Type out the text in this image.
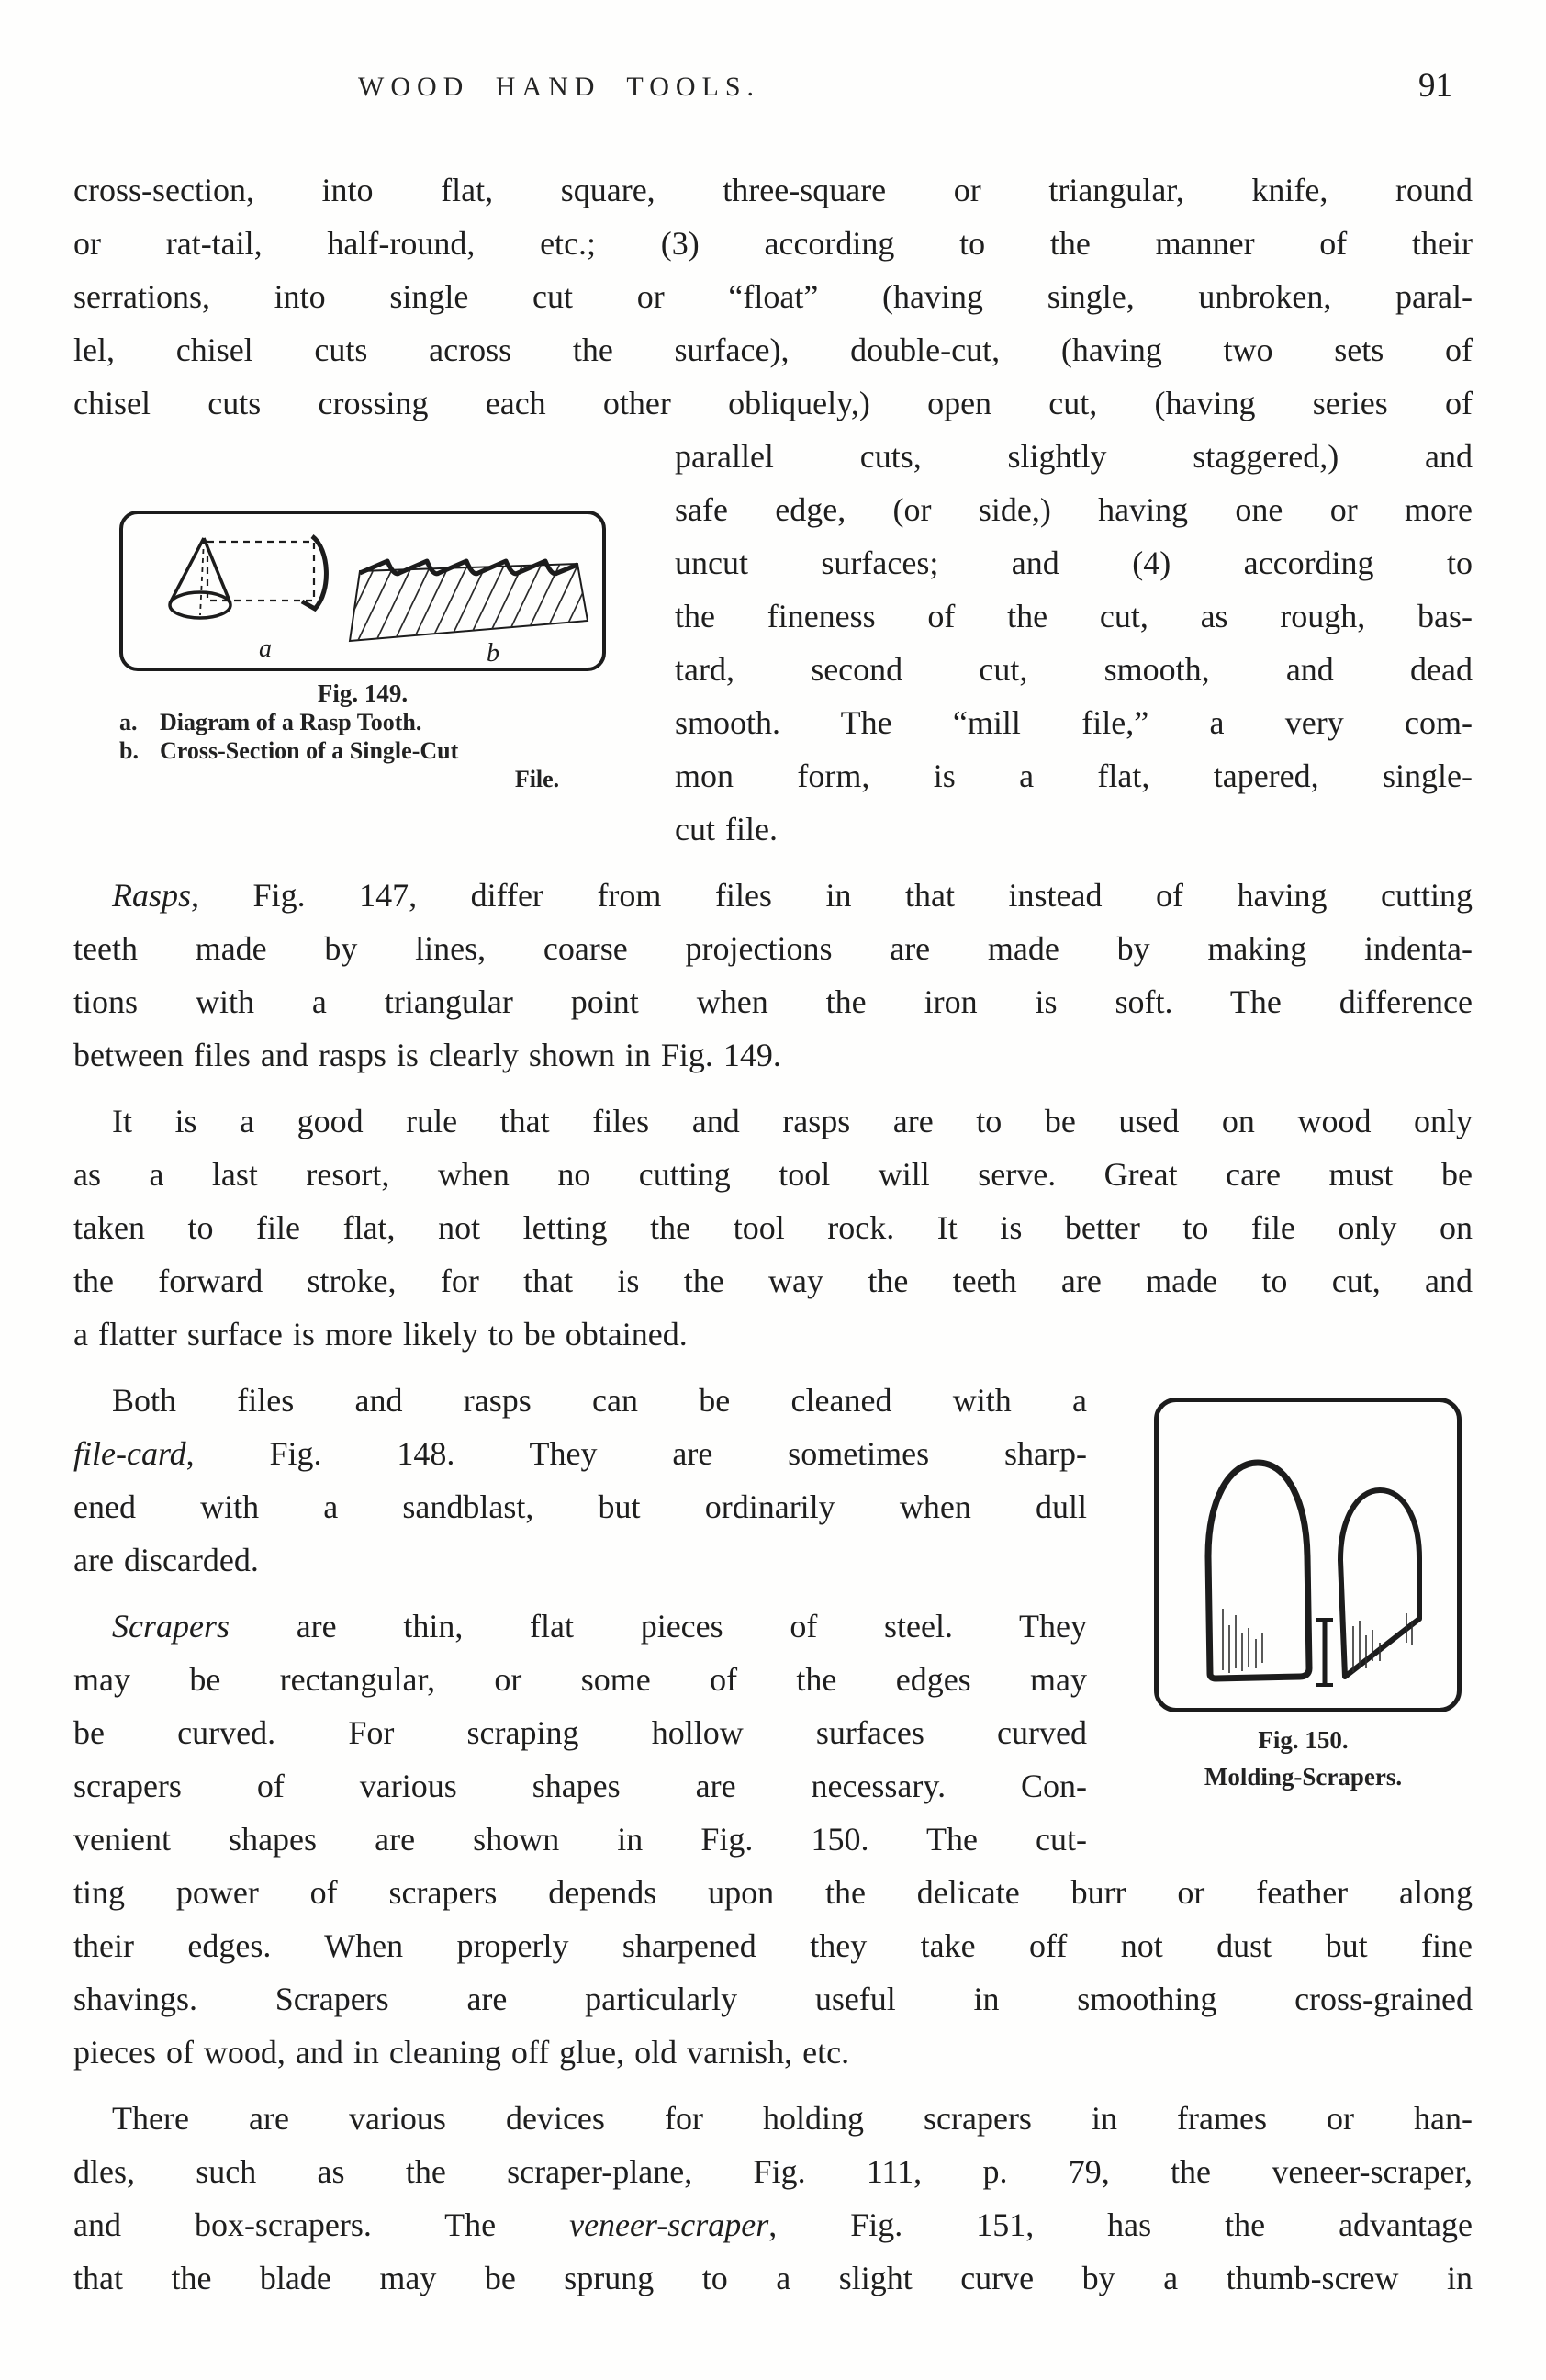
WOOD HAND TOOLS.	91
cross-section, into flat, square, three-square or triangular, knife, round
or rat-tail, half-round, etc.; (3) according to the manner of their
serrations, into single cut or “float” (having single, unbroken, paral-
lel, chisel cuts across the surface), double-cut, (having two sets of
chisel cuts crossing each other obliquely,) open cut, (having series of
a	b
Fig. 149.
a. Diagram of a Rasp Tooth.
b. Cross-Section of a Single-Cut
File.
parallel cuts, slightly staggered,) and
safe edge, (or side,) having one or more
uncut surfaces; and (4) according to
the fineness of the cut, as rough, bas-
tard, second cut, smooth, and dead
smooth. The “mill file,” a very com-
mon form, is a flat, tapered, single-
cut file.
Rasps, Fig. 147, differ from files in that instead of having cutting
teeth made by lines, coarse projections are made by making indenta-
tions with a triangular point when the iron is soft. The difference
between files and rasps is clearly shown in Fig. 149.
It is a good rule that files and rasps are to be used on wood only
as a last resort, when no cutting tool will serve. Great care must be
taken to file flat, not letting the tool rock. It is better to file only on
the forward stroke, for that is the way the teeth are made to cut, and
a flatter surface is more likely to be obtained.
Fig. 150.
Molding-Scrapers.
Both files and rasps can be cleaned with a
file-card, Fig. 148. They are sometimes sharp-
ened with a sandblast, but ordinarily when dull
are discarded.
Scrapers are thin, flat pieces of steel. They
may be rectangular, or some of the edges may
be curved. For scraping hollow surfaces curved
scrapers of various shapes are necessary. Con-
venient shapes are shown in Fig. 150. The cut-
ting power of scrapers depends upon the delicate burr or feather along
their edges. When properly sharpened they take off not dust but fine
shavings. Scrapers are particularly useful in smoothing cross-grained
pieces of wood, and in cleaning off glue, old varnish, etc.
There are various devices for holding scrapers in frames or han-
dles, such as the scraper-plane, Fig. 111, p. 79, the veneer-scraper,
and box-scrapers. The veneer-scraper, Fig. 151, has the advantage
that the blade may be sprung to a slight curve by a thumb-screw in
